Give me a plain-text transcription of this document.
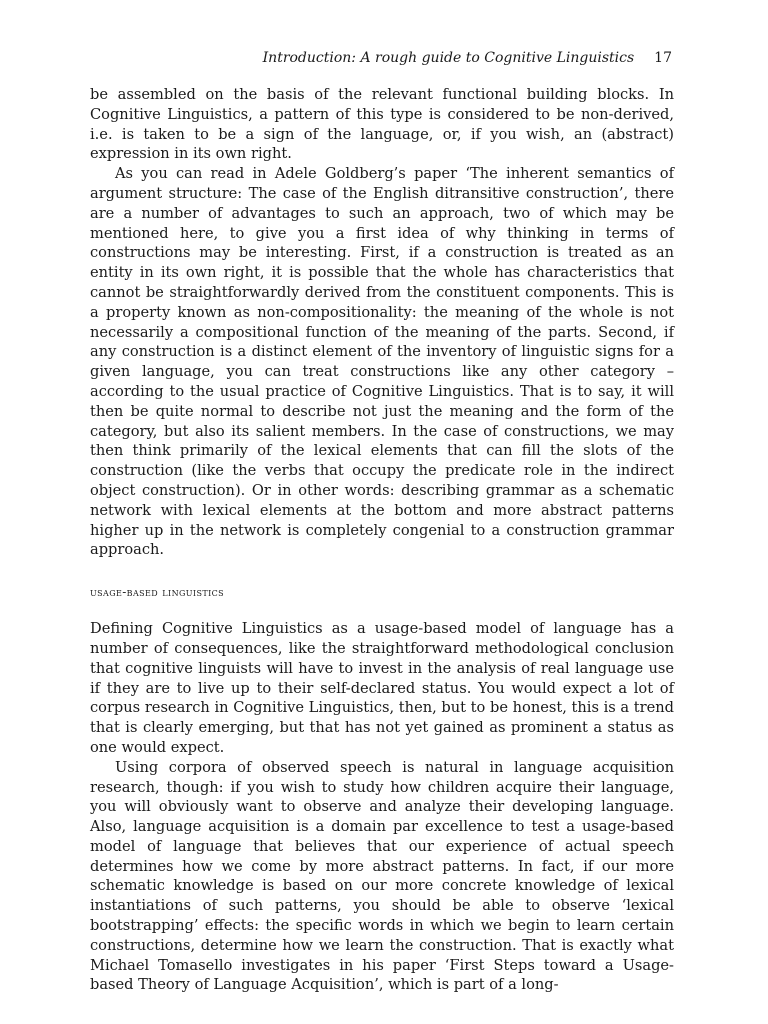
Introduction: A rough guide to Cognitive Linguistics 17

be assembled on the basis of the relevant functional building blocks. In Cognitive Linguistics, a pattern of this type is considered to be non-derived, i.e. is taken to be a sign of the language, or, if you wish, an (abstract) expression in its own right.

As you can read in Adele Goldberg’s paper ‘The inherent semantics of argument structure: The case of the English ditransitive construction’, there are a number of advantages to such an approach, two of which may be mentioned here, to give you a first idea of why thinking in terms of constructions may be interesting. First, if a construction is treated as an entity in its own right, it is possible that the whole has characteristics that cannot be straightforwardly derived from the constituent components. This is a property known as non-compositionality: the meaning of the whole is not necessarily a compositional function of the meaning of the parts. Second, if any construction is a distinct element of the inventory of linguistic signs for a given language, you can treat constructions like any other category – according to the usual practice of Cognitive Linguistics. That is to say, it will then be quite normal to describe not just the meaning and the form of the category, but also its salient members. In the case of constructions, we may then think primarily of the lexical elements that can fill the slots of the construction (like the verbs that occupy the predicate role in the indirect object construction). Or in other words: describing grammar as a schematic network with lexical elements at the bottom and more abstract patterns higher up in the network is completely congenial to a construction grammar approach.

usage-based linguistics

Defining Cognitive Linguistics as a usage-based model of language has a number of consequences, like the straightforward methodological conclusion that cognitive linguists will have to invest in the analysis of real language use if they are to live up to their self-declared status. You would expect a lot of corpus research in Cognitive Linguistics, then, but to be honest, this is a trend that is clearly emerging, but that has not yet gained as prominent a status as one would expect.

Using corpora of observed speech is natural in language acquisition research, though: if you wish to study how children acquire their language, you will obviously want to observe and analyze their developing language. Also, language acquisition is a domain par excellence to test a usage-based model of language that believes that our experience of actual speech determines how we come by more abstract patterns. In fact, if our more schematic knowledge is based on our more concrete knowledge of lexical instantiations of such patterns, you should be able to observe ‘lexical bootstrapping’ effects: the specific words in which we begin to learn certain constructions, determine how we learn the construction. That is exactly what Michael Tomasello investigates in his paper ‘First Steps toward a Usage-based Theory of Language Acquisition’, which is part of a long-
